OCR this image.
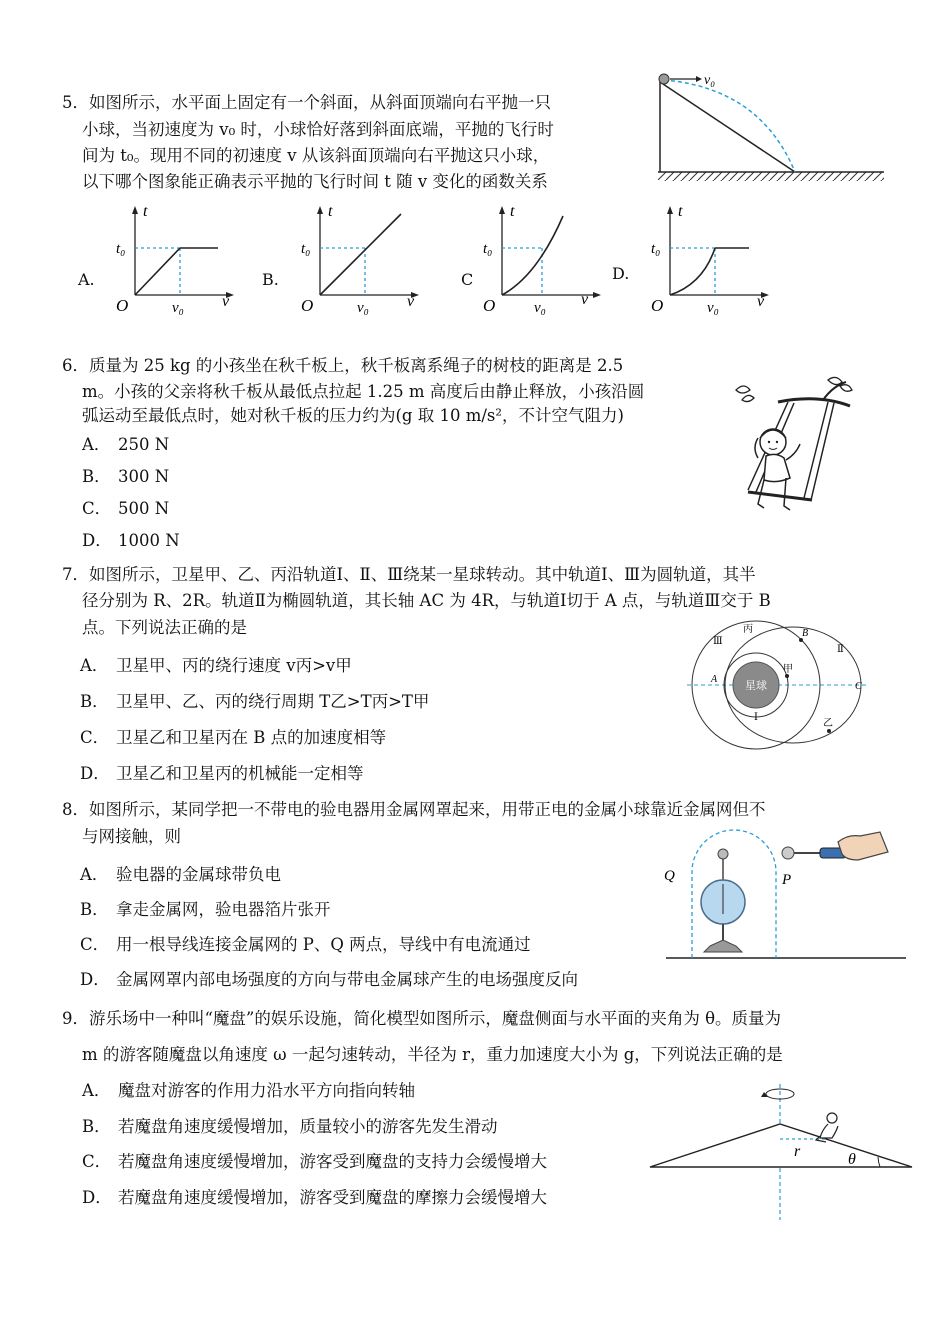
5．如图所示，水平面上固定有一个斜面，从斜面顶端向右平抛一只
小球，当初速度为 v₀ 时，小球恰好落到斜面底端，平抛的飞行时
间为 t₀。现用不同的初速度 v 从该斜面顶端向右平抛这只小球，
以下哪个图象能正确表示平抛的飞行时间 t 随 v 变化的函数关系
v₀
A.
t
t₀
O	v₀ v
B.
t
t₀
O	v₀ v
C
t
t₀
O	v₀ v
D.
t
t₀
O	v₀ v
6．质量为 25 kg 的小孩坐在秋千板上，秋千板离系绳子的树枝的距离是 2.5
m。小孩的父亲将秋千板从最低点拉起 1.25 m 高度后由静止释放，小孩沿圆
弧运动至最低点时，她对秋千板的压力约为(g 取 10 m/s²，不计空气阻力)
A． 250 N
B． 300 N
C． 500 N
D． 1000 N
7．如图所示，卫星甲、乙、丙沿轨道Ⅰ、Ⅱ、Ⅲ绕某一星球转动。其中轨道Ⅰ、Ⅲ为圆轨道，其半
径分别为 R、2R。轨道Ⅱ为椭圆轨道，其长轴 AC 为 4R，与轨道Ⅰ切于 A 点，与轨道Ⅲ交于 B
点。下列说法正确的是
A． 卫星甲、丙的绕行速度 v丙>v甲
B． 卫星甲、乙、丙的绕行周期 T乙>T丙>T甲
C． 卫星乙和卫星丙在 B 点的加速度相等
D． 卫星乙和卫星丙的机械能一定相等
星球
Ⅲ
丙	B
Ⅱ
甲
A
C
Ⅰ
乙
8．如图所示，某同学把一不带电的验电器用金属网罩起来，用带正电的金属小球靠近金属网但不
与网接触，则
A． 验电器的金属球带负电
B． 拿走金属网，验电器箔片张开
C． 用一根导线连接金属网的 P、Q 两点，导线中有电流通过
D． 金属网罩内部电场强度的方向与带电金属球产生的电场强度反向
Q	P
9．游乐场中一种叫“魔盘”的娱乐设施，简化模型如图所示，魔盘侧面与水平面的夹角为 θ。质量为
m 的游客随魔盘以角速度 ω 一起匀速转动，半径为 r，重力加速度大小为 g，下列说法正确的是
A． 魔盘对游客的作用力沿水平方向指向转轴
B． 若魔盘角速度缓慢增加，质量较小的游客先发生滑动
C． 若魔盘角速度缓慢增加，游客受到魔盘的支持力会缓慢增大
D． 若魔盘角速度缓慢增加，游客受到魔盘的摩擦力会缓慢增大
r	θ
